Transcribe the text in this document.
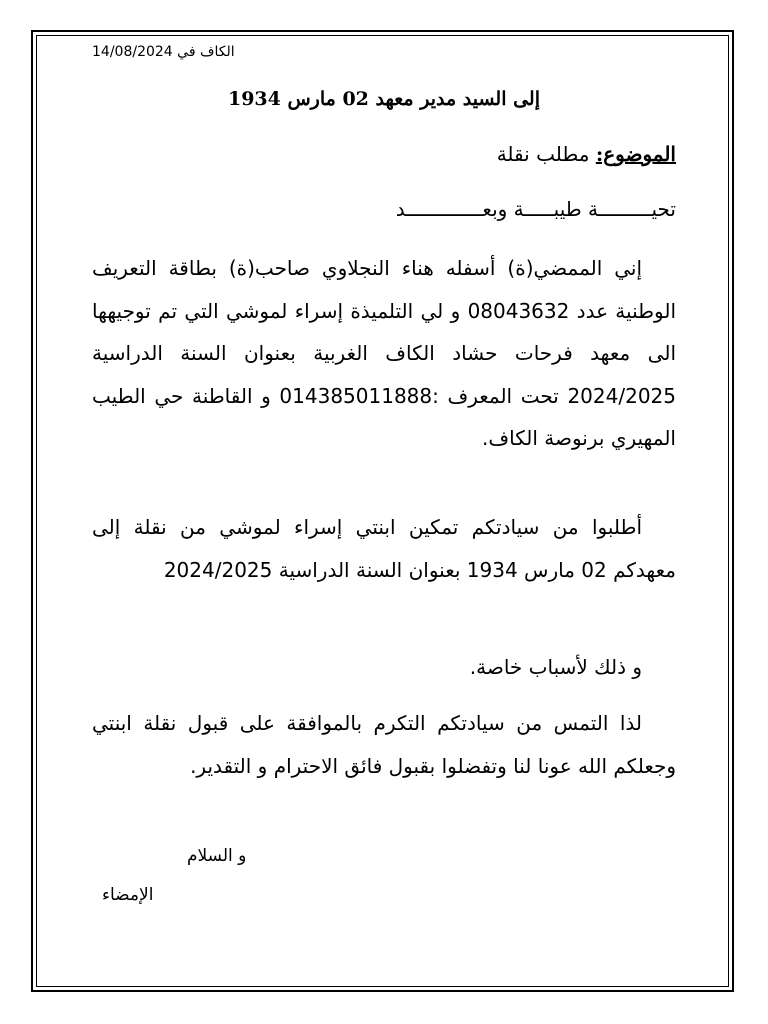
الكاف في 14/08/2024
إلى السيد مدير معهد 02 مارس 1934
الموضوع: مطلب نقلة
تحيـــــــــة طيبـــــة وبعـــــــــــــد

إني الممضي(ة) أسفله هناء النجلاوي صاحب(ة) بطاقة التعريف الوطنية عدد 08043632 و لي التلميذة إسراء لموشي التي تم توجيهها الى معهد فرحات حشاد الكاف الغربية بعنوان السنة الدراسية 2024/2025 تحت المعرف :014385011888 و القاطنة حي الطيب المهيري برنوصة الكاف.

أطلبوا من سيادتكم تمكين ابنتي إسراء لموشي من نقلة إلى معهدكم 02 مارس 1934 بعنوان السنة الدراسية 2024/2025

و ذلك لأسباب خاصة.

لذا التمس من سيادتكم التكرم بالموافقة على قبول نقلة ابنتي وجعلكم الله عونا لنا وتفضلوا بقبول فائق الاحترام و التقدير.

و السلام
الإمضاء
